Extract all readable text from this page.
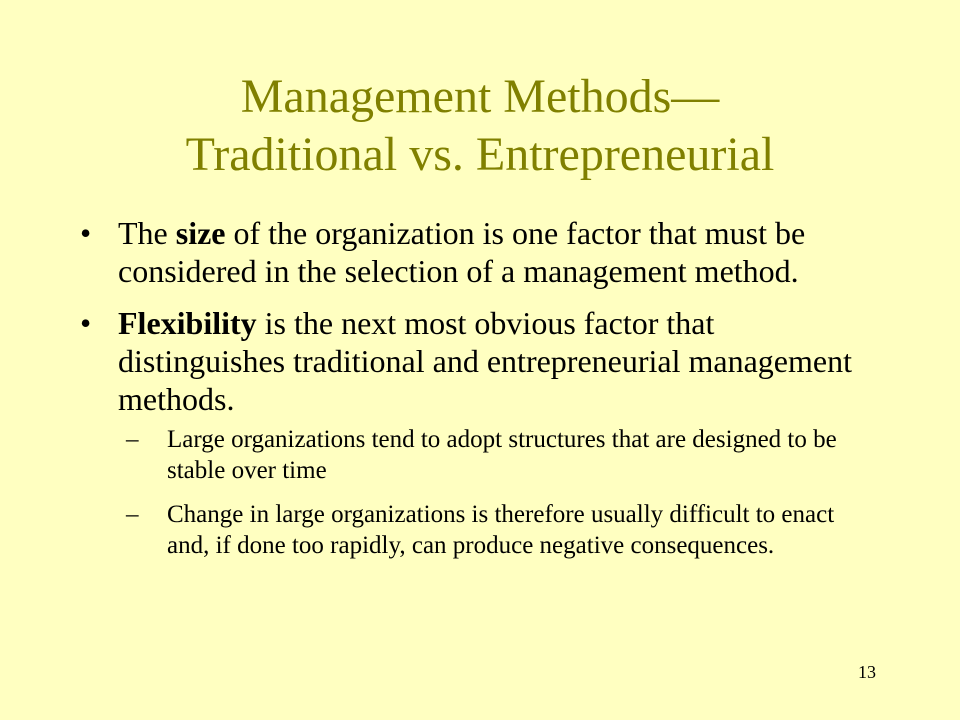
Management Methods—
Traditional vs. Entrepreneurial
• The size of the organization is one factor that must be considered in the selection of a management method.
• Flexibility is the next most obvious factor that distinguishes traditional and entrepreneurial management methods.
– Large organizations tend to adopt structures that are designed to be stable over time
– Change in large organizations is therefore usually difficult to enact and, if done too rapidly, can produce negative consequences.
13
